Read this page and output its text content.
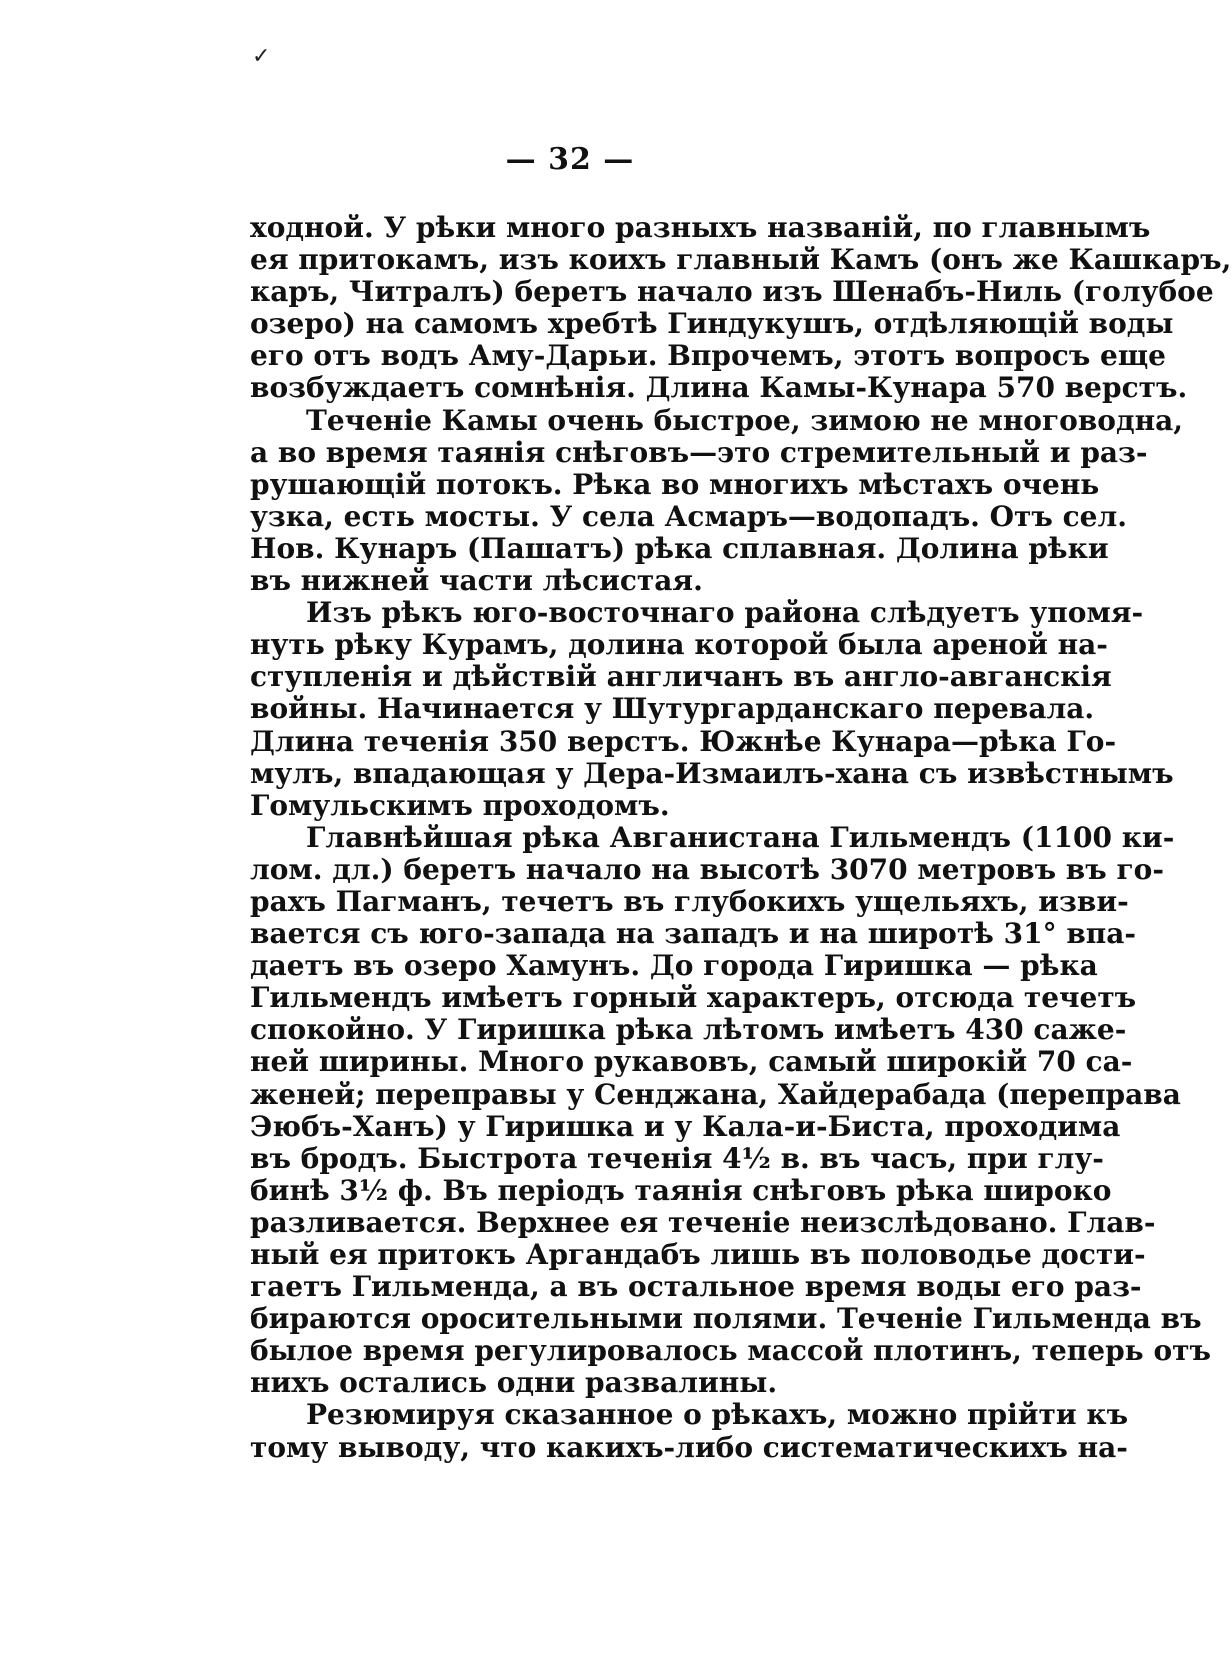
✓
— 32 —
ходной. У рѣки много разныхъ названій, по главнымъ
ея притокамъ, изъ коихъ главный Камъ (онъ же Кашкаръ,
каръ, Читралъ) беретъ начало изъ Шенабъ-Ниль (голубое
озеро) на самомъ хребтѣ Гиндукушъ, отдѣляющій воды
его отъ водъ Аму-Дарьи. Впрочемъ, этотъ вопросъ еще
возбуждаетъ сомнѣнія. Длина Камы-Кунара 570 верстъ.
Теченіе Камы очень быстрое, зимою не многоводна,
а во время таянія снѣговъ—это стремительный и раз-
рушающій потокъ. Рѣка во многихъ мѣстахъ очень
узка, есть мосты. У села Асмаръ—водопадъ. Отъ сел.
Нов. Кунаръ (Пашатъ) рѣка сплавная. Долина рѣки
въ нижней части лѣсистая.
Изъ рѣкъ юго-восточнаго района слѣдуетъ упомя-
нуть рѣку Курамъ, долина которой была ареной на-
ступленія и дѣйствій англичанъ въ англо-авганскія
войны. Начинается у Шутургарданскаго перевала.
Длина теченія 350 верстъ. Южнѣе Кунара—рѣка Го-
мулъ, впадающая у Дера-Измаилъ-хана съ извѣстнымъ
Гомульскимъ проходомъ.
Главнѣйшая рѣка Авганистана Гильмендъ (1100 ки-
лом. дл.) беретъ начало на высотѣ 3070 метровъ въ го-
рахъ Пагманъ, течетъ въ глубокихъ ущельяхъ, изви-
вается съ юго-запада на западъ и на широтѣ 31° впа-
даетъ въ озеро Хамунъ. До города Гиришка — рѣка
Гильмендъ имѣетъ горный характеръ, отсюда течетъ
спокойно. У Гиришка рѣка лѣтомъ имѣетъ 430 саже-
ней ширины. Много рукавовъ, самый широкій 70 са-
женей; переправы у Сенджана, Хайдерабада (переправа
Эюбъ-Ханъ) у Гиришка и у Кала-и-Биста, проходима
въ бродъ. Быстрота теченія 4½ в. въ часъ, при глу-
бинѣ 3½ ф. Въ періодъ таянія снѣговъ рѣка широко
разливается. Верхнее ея теченіе неизслѣдовано. Глав-
ный ея притокъ Аргандабъ лишь въ половодье дости-
гаетъ Гильменда, а въ остальное время воды его раз-
бираются оросительными полями. Теченіе Гильменда въ
былое время регулировалось массой плотинъ, теперь отъ
нихъ остались одни развалины.
Резюмируя сказанное о рѣкахъ, можно прійти къ
тому выводу, что какихъ-либо систематическихъ на-
